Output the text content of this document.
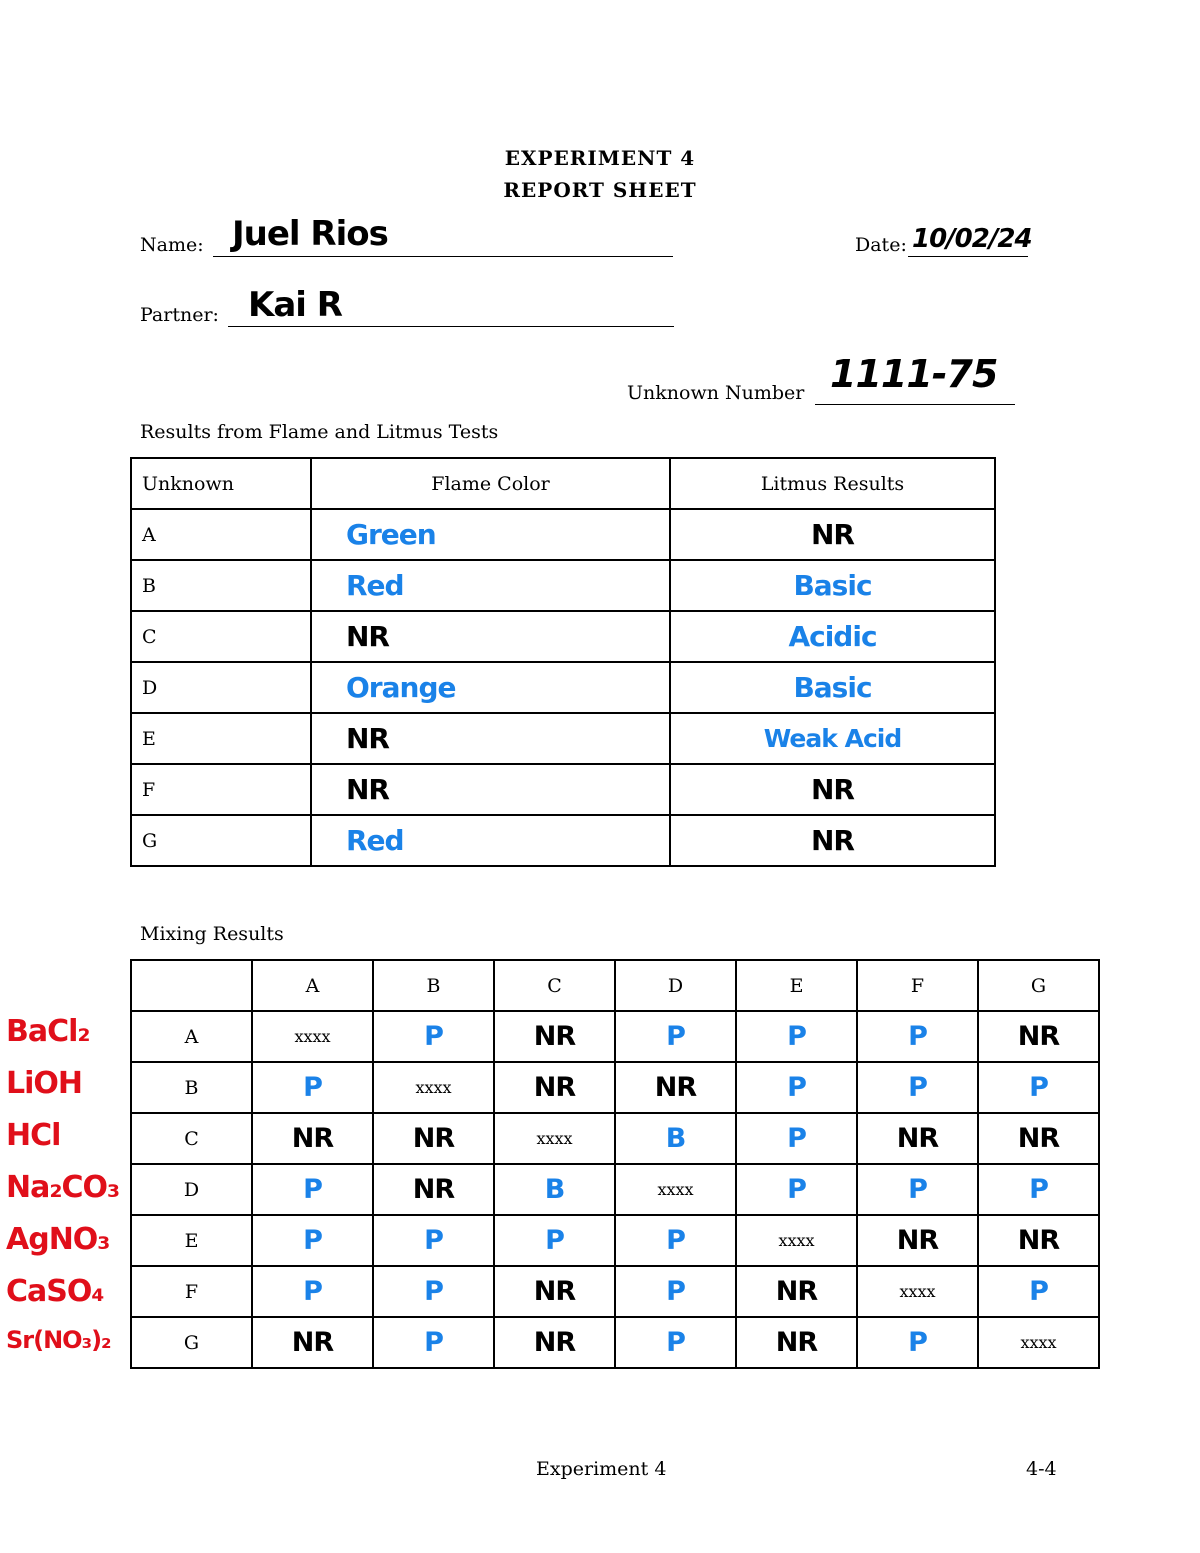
EXPERIMENT 4
REPORT SHEET
Name: Juel Rios	Date: 10/02/24
Partner: Kai R
Unknown Number 1111-75
Results from Flame and Litmus Tests
Unknown	Flame Color	Litmus Results
A	Green	NR
B	Red	Basic
C	NR	Acidic
D	Orange	Basic
E	NR	Weak Acid
F	NR	NR
G	Red	NR
Mixing Results
	A	B	C	D	E	F	G
A	xxxx	P	NR	P	P	P	NR
B	P	xxxx	NR	NR	P	P	P
C	NR	NR	xxxx	B	P	NR	NR
D	P	NR	B	xxxx	P	P	P
E	P	P	P	P	xxxx	NR	NR
F	P	P	NR	P	NR	xxxx	P
G	NR	P	NR	P	NR	P	xxxx
BaCl₂
LiOH
HCl
Na₂CO₃
AgNO₃
CaSO₄
Sr(NO₃)₂
Experiment 4	4-4
